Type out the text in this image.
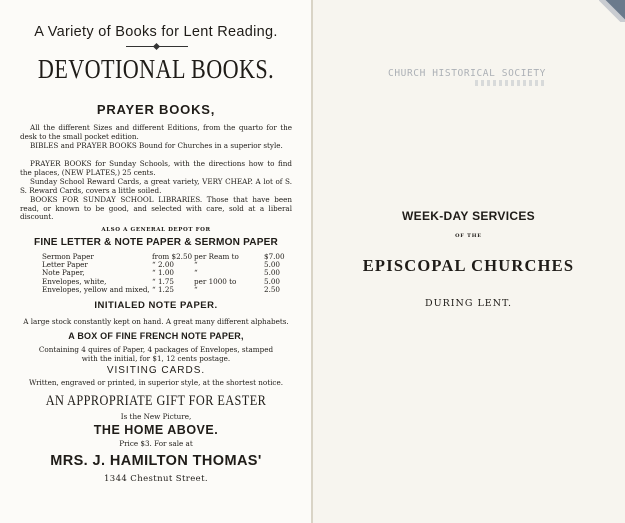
A Variety of Books for Lent Reading.
DEVOTIONAL BOOKS.
PRAYER BOOKS,
All the different Sizes and different Editions, from the quarto for the desk to the small pocket edition.
BIBLES and PRAYER BOOKS Bound for Churches in a superior style.
PRAYER BOOKS for Sunday Schools, with the directions how to find the places, (NEW PLATES,) 25 cents.
Sunday School Reward Cards, a great variety, VERY CHEAP. A lot of S. S. Reward Cards, covers a little soiled.
BOOKS FOR SUNDAY SCHOOL LIBRARIES. Those that have been read, or known to be good, and selected with care, sold at a liberal discount.
ALSO A GENERAL DEPOT FOR
FINE LETTER & NOTE PAPER & SERMON PAPER
Sermon Paper	from $2.50 per Ream to	$7.00
Letter Paper	“ 2.00	“	5.00
Note Paper,	“ 1.00	“	5.00
Envelopes, white,	“ 1.75	per 1000 to	5.00
Envelopes, yellow and mixed, “ 1.25	“	2.50
INITIALED NOTE PAPER.
A large stock constantly kept on hand. A great many different alphabets.
A BOX OF FINE FRENCH NOTE PAPER,
Containing 4 quires of Paper, 4 packages of Envelopes, stamped with the initial, for $1, 12 cents postage.
VISITING CARDS.
Written, engraved or printed, in superior style, at the shortest notice.
AN APPROPRIATE GIFT FOR EASTER
Is the New Picture,
THE HOME ABOVE.
Price $3. For sale at
MRS. J. HAMILTON THOMAS'
1344 Chestnut Street.
CHURCH HISTORICAL SOCIETY
WEEK-DAY SERVICES
OF THE
EPISCOPAL CHURCHES
DURING LENT.
